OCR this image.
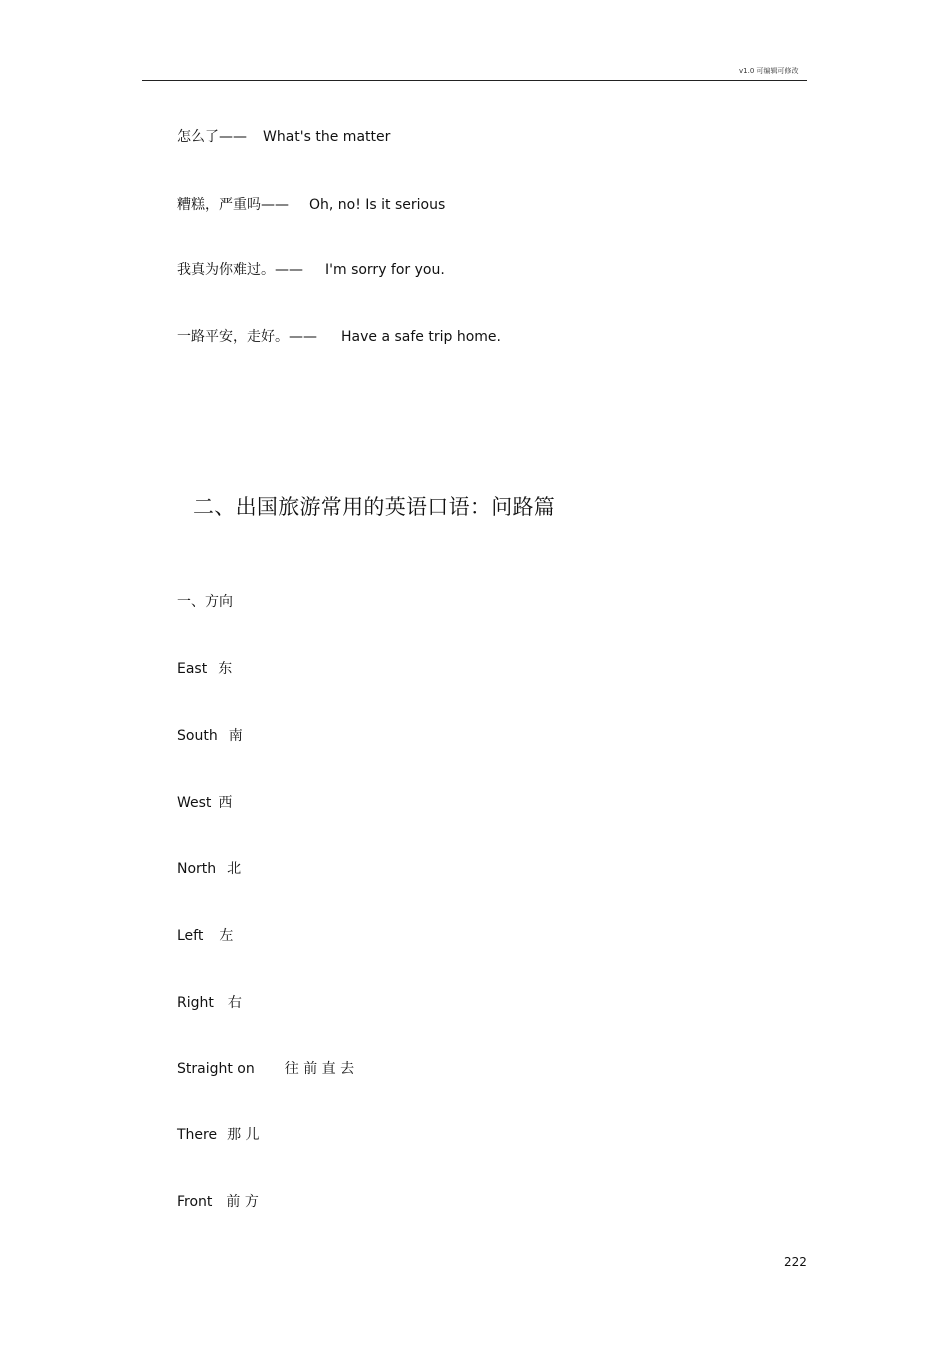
v1.0 可编辑可修改
怎么了—— What's the matter
糟糕，严重吗—— Oh, no! Is it serious
我真为你难过。—— I'm sorry for you.
一路平安，走好。—— Have a safe trip home.
二、出国旅游常用的英语口语：问路篇
一、方向
East 东
South 南
West 西
North 北
Left 左
Right 右
Straight on 往 前 直 去
There 那 儿
Front 前 方
222
